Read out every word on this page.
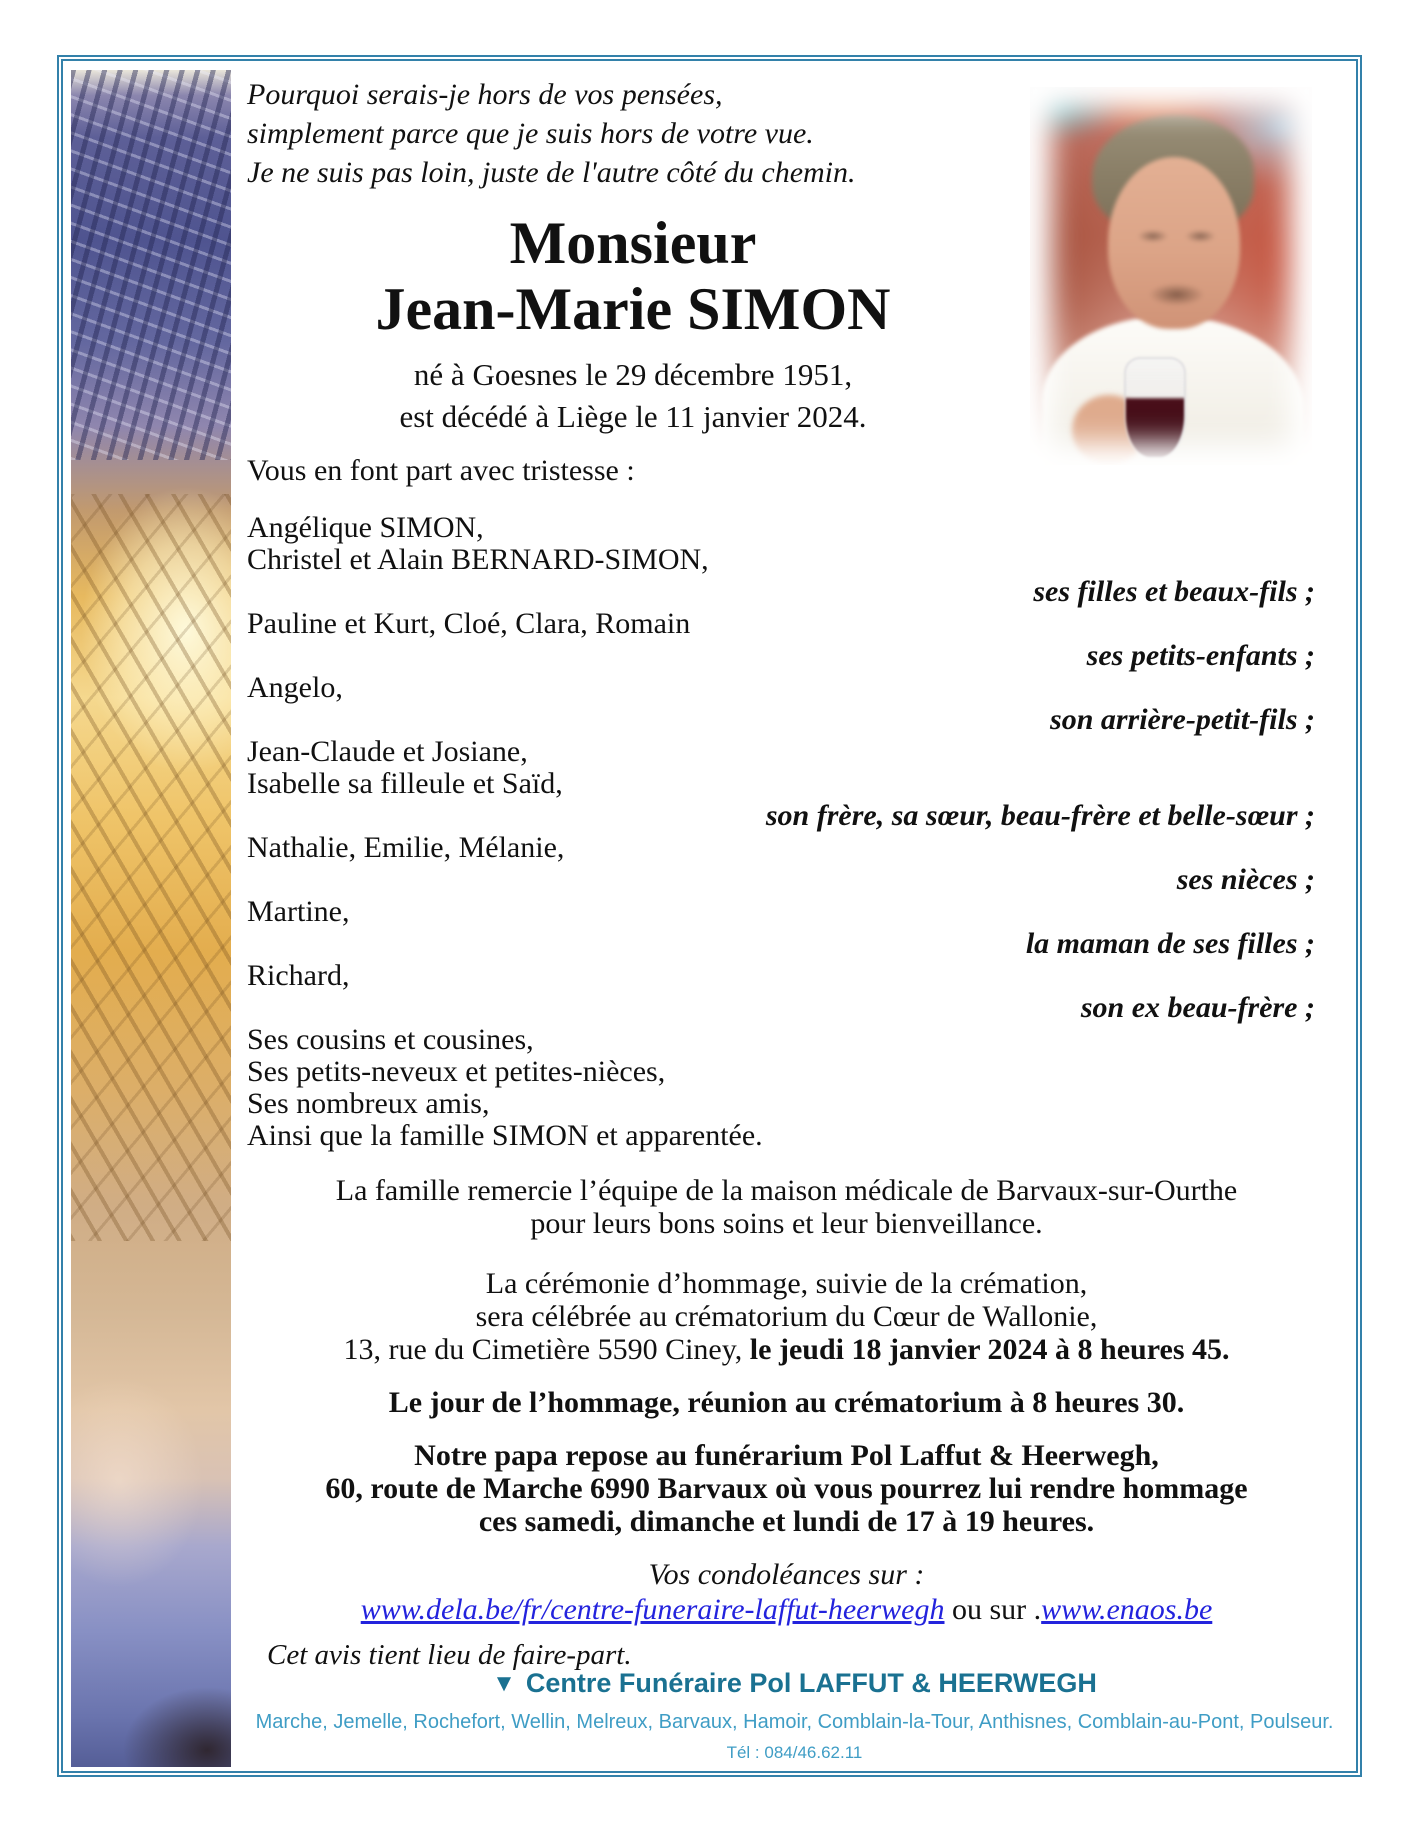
Pourquoi serais-je hors de vos pensées,
simplement parce que je suis hors de votre vue.
Je ne suis pas loin, juste de l'autre côté du chemin.
Monsieur
Jean-Marie SIMON
né à Goesnes le 29 décembre 1951,
est décédé à Liège le 11 janvier 2024.
Vous en font part avec tristesse :
Angélique SIMON,
Christel et Alain BERNARD-SIMON,
ses filles et beaux-fils ;
Pauline et Kurt, Cloé, Clara, Romain
ses petits-enfants ;
Angelo,
son arrière-petit-fils ;
Jean-Claude et Josiane,
Isabelle sa filleule et Saïd,
son frère, sa sœur, beau-frère et belle-sœur ;
Nathalie, Emilie, Mélanie,
ses nièces ;
Martine,
la maman de ses filles ;
Richard,
son ex beau-frère ;
Ses cousins et cousines,
Ses petits-neveux et petites-nièces,
Ses nombreux amis,
Ainsi que la famille SIMON et apparentée.
La famille remercie l’équipe de la maison médicale de Barvaux-sur-Ourthe
pour leurs bons soins et leur bienveillance.
La cérémonie d’hommage, suivie de la crémation,
sera célébrée au crématorium du Cœur de Wallonie,
13, rue du Cimetière 5590 Ciney, le jeudi 18 janvier 2024 à 8 heures 45.
Le jour de l’hommage, réunion au crématorium à 8 heures 30.
Notre papa repose au funérarium Pol Laffut & Heerwegh,
60, route de Marche 6990 Barvaux où vous pourrez lui rendre hommage
ces samedi, dimanche et lundi de 17 à 19 heures.
Vos condoléances sur :
www.dela.be/fr/centre-funeraire-laffut-heerwegh ou sur .www.enaos.be
Cet avis tient lieu de faire-part.
▼ Centre Funéraire Pol LAFFUT & HEERWEGH
Marche, Jemelle, Rochefort, Wellin, Melreux, Barvaux, Hamoir, Comblain-la-Tour, Anthisnes, Comblain-au-Pont, Poulseur.
Tél : 084/46.62.11
